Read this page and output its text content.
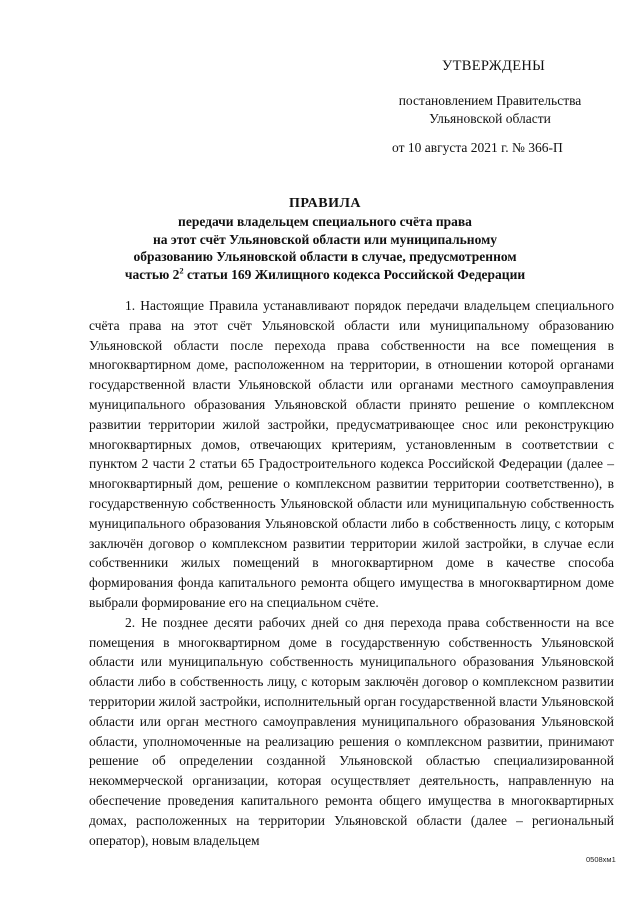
УТВЕРЖДЕНЫ
постановлением Правительства
Ульяновской области
от 10 августа 2021 г. № 366-П
ПРАВИЛА
передачи владельцем специального счёта права
на этот счёт Ульяновской области или муниципальному
образованию Ульяновской области в случае, предусмотренном
частью $2^2$ статьи 169 Жилищного кодекса Российской Федерации

1. Настоящие Правила устанавливают порядок передачи владельцем специального счёта права на этот счёт Ульяновской области или муниципальному образованию Ульяновской области после перехода права собственности на все помещения в многоквартирном доме, расположенном на территории, в отношении которой органами государственной власти Ульяновской области или органами местного самоуправления муниципального образования Ульяновской области принято решение о комплексном развитии территории жилой застройки, предусматривающее снос или реконструкцию многоквартирных домов, отвечающих критериям, установленным в соответствии с пунктом 2 части 2 статьи 65 Градостроительного кодекса Российской Федерации (далее – многоквартирный дом, решение о комплексном развитии территории соответственно), в государственную собственность Ульяновской области или муниципальную собственность муниципального образования Ульяновской области либо в собственность лицу, с которым заключён договор о комплексном развитии территории жилой застройки, в случае если собственники жилых помещений в многоквартирном доме в качестве способа формирования фонда капитального ремонта общего имущества в многоквартирном доме выбрали формирование его на специальном счёте.

2. Не позднее десяти рабочих дней со дня перехода права собственности на все помещения в многоквартирном доме в государственную собственность Ульяновской области или муниципальную собственность муниципального образования Ульяновской области либо в собственность лицу, с которым заключён договор о комплексном развитии территории жилой застройки, исполнительный орган государственной власти Ульяновской области или орган местного самоуправления муниципального образования Ульяновской области, уполномоченные на реализацию решения о комплексном развитии, принимают решение об определении созданной Ульяновской областью специализированной некоммерческой организации, которая осуществляет деятельность, направленную на обеспечение проведения капитального ремонта общего имущества в многоквартирных домах, расположенных на территории Ульяновской области (далее – региональный оператор), новым владельцем

0508хм1
